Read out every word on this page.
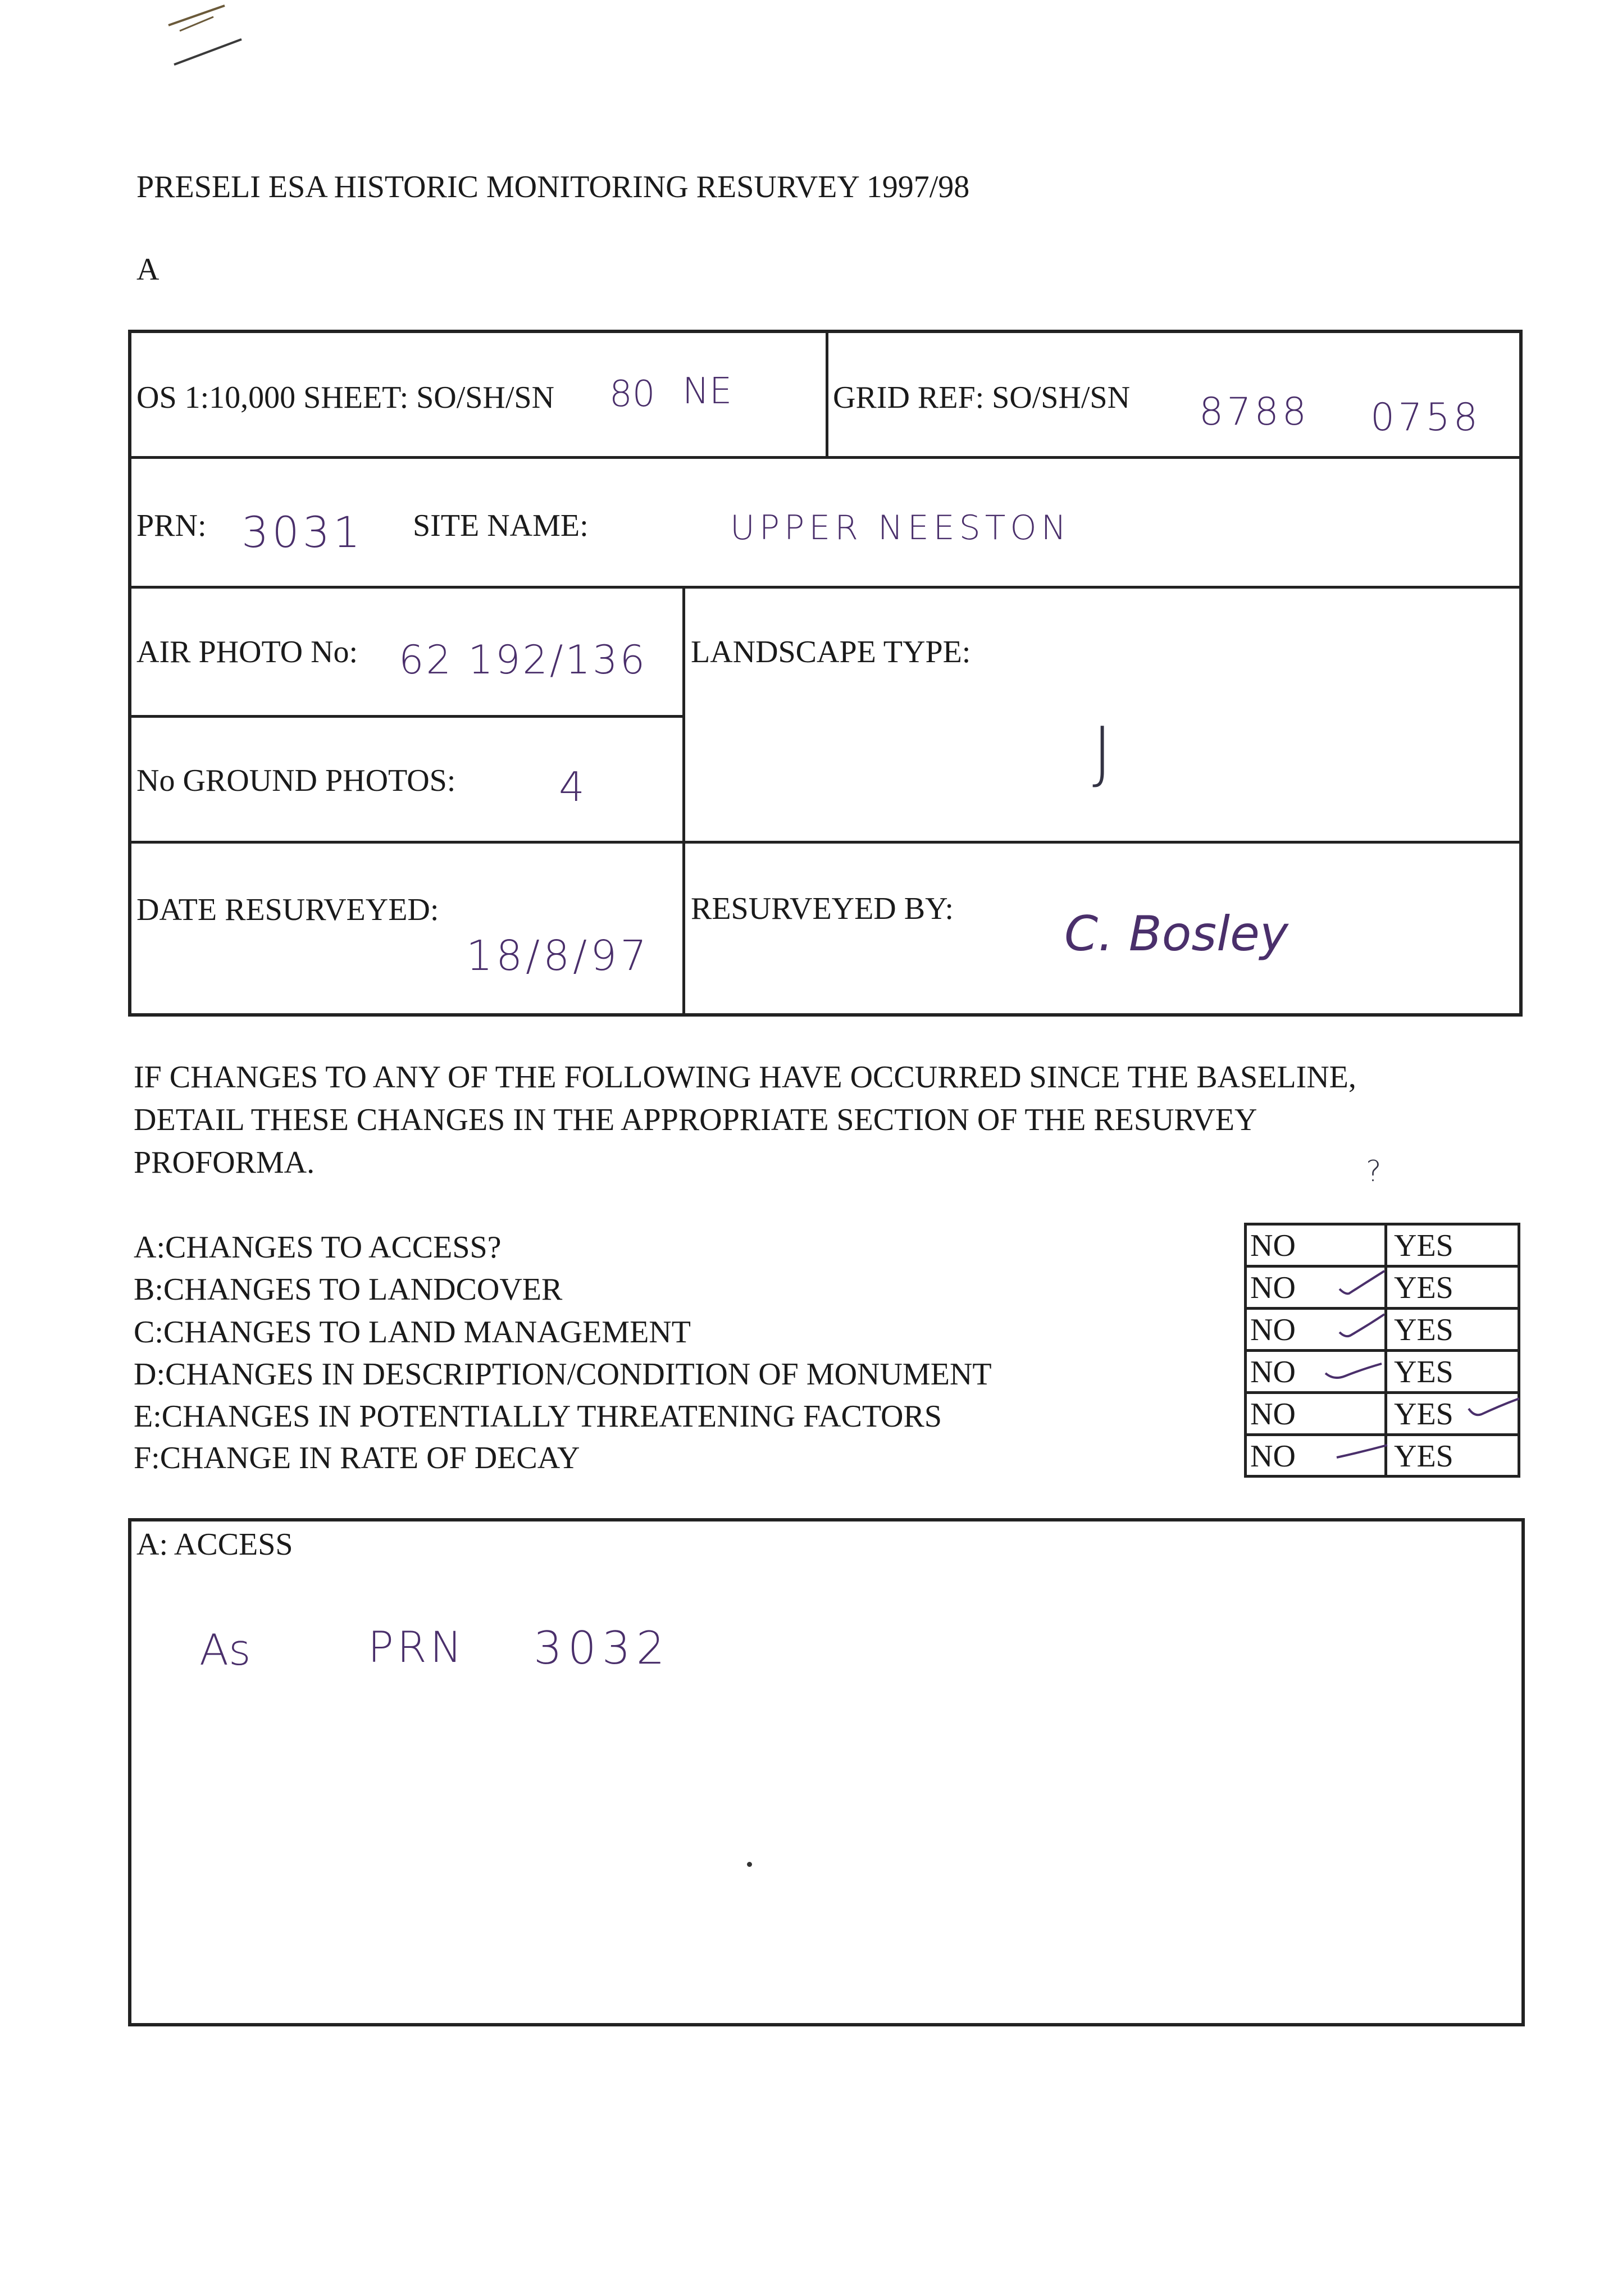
PRESELI ESA HISTORIC MONITORING RESURVEY 1997/98
A
OS 1:10,000 SHEET: SO/SH/SN 80 NE	GRID REF: SO/SH/SN 8788 0758
PRN: 3031 SITE NAME:	UPPER NEESTON
AIR PHOTO No: 62 192/136 LANDSCAPE TYPE:
J
No GROUND PHOTOS:	4
DATE RESURVEYED:
18/8/97
RESURVEYED BY: C. Bosley
IF CHANGES TO ANY OF THE FOLLOWING HAVE OCCURRED SINCE THE BASELINE,
DETAIL THESE CHANGES IN THE APPROPRIATE SECTION OF THE RESURVEY
PROFORMA.	?
A:CHANGES TO ACCESS?
B:CHANGES TO LANDCOVER
C:CHANGES TO LAND MANAGEMENT
D:CHANGES IN DESCRIPTION/CONDITION OF MONUMENT
E:CHANGES IN POTENTIALLY THREATENING FACTORS
F:CHANGE IN RATE OF DECAY
NO	YES
NO	YES
NO	YES
NO	YES
NO	YES
NO	YES
A: ACCESS
As	PRN 3032
